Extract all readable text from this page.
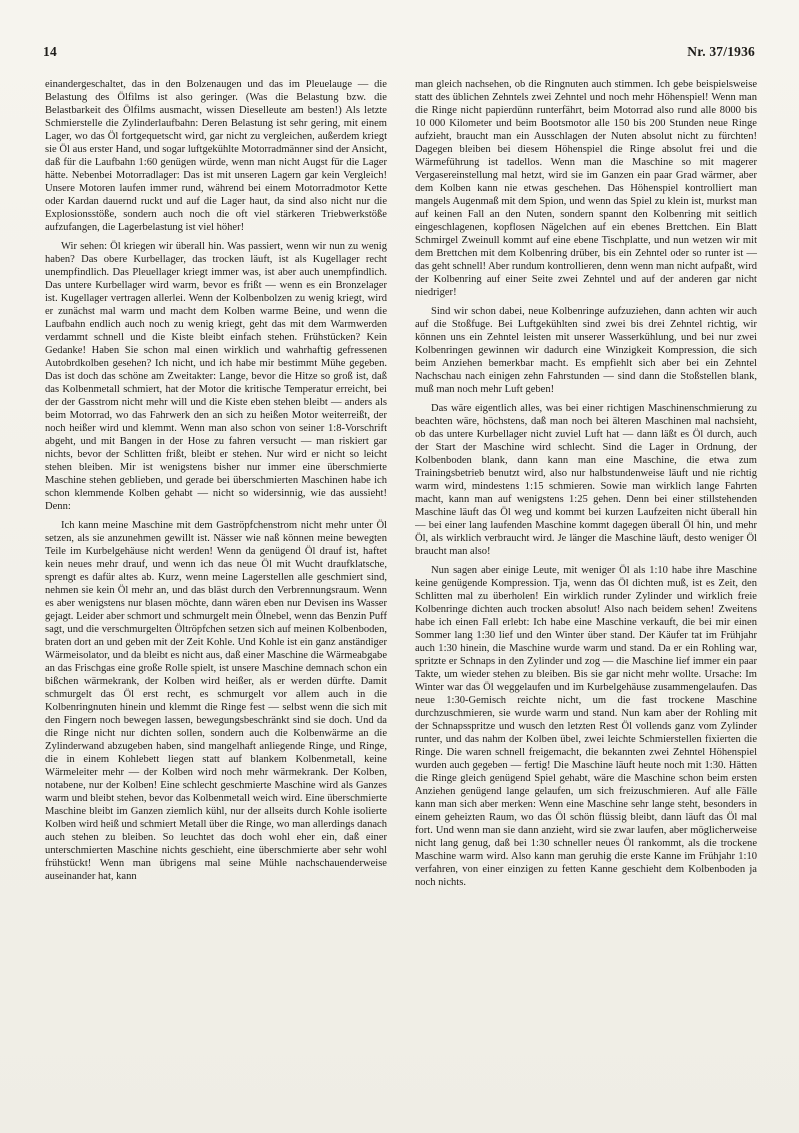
14	Nr. 37/1936

einandergeschaltet, das in den Bolzenaugen und das im Pleuelauge — die Belastung des Ölfilms ist also geringer. (Was die Belastung bzw. die Belastbarkeit des Ölfilms ausmacht, wissen Dieselleute am besten!) Als letzte Schmierstelle die Zylinderlaufbahn: Deren Belastung ist sehr gering, mit einem Lager, wo das Öl fortgequetscht wird, gar nicht zu vergleichen, außerdem kriegt sie Öl aus erster Hand, und sogar luftgekühlte Motorradmänner sind der Ansicht, daß für die Laufbahn 1:60 genügen würde, wenn man nicht Augst für die Lager hätte. Nebenbei Motorradlager: Das ist mit unseren Lagern gar kein Vergleich! Unsere Motoren laufen immer rund, während bei einem Motorradmotor Kette oder Kardan dauernd ruckt und auf die Lager haut, da sind also nicht nur die Explosionsstöße, sondern auch noch die oft viel stärkeren Triebwerkstöße aufzufangen, die Lagerbelastung ist viel höher!

Wir sehen: Öl kriegen wir überall hin. Was passiert, wenn wir nun zu wenig haben? Das obere Kurbellager, das trocken läuft, ist als Kugellager recht unempfindlich. Das Pleuellager kriegt immer was, ist aber auch unempfindlich. Das untere Kurbellager wird warm, bevor es frißt — wenn es ein Bronzelager ist. Kugellager vertragen allerlei. Wenn der Kolbenbolzen zu wenig kriegt, wird er zunächst mal warm und macht dem Kolben warme Beine, und wenn die Laufbahn endlich auch noch zu wenig kriegt, geht das mit dem Warmwerden verdammt schnell und die Kiste bleibt einfach stehen. Frühstücken? Kein Gedanke! Haben Sie schon mal einen wirklich und wahrhaftig gefressenen Autobrdkolben gesehen? Ich nicht, und ich habe mir bestimmt Mühe gegeben. Das ist doch das schöne am Zweitakter: Lange, bevor die Hitze so groß ist, daß das Kolbenmetall schmiert, hat der Motor die kritische Temperatur erreicht, bei der der Gasstrom nicht mehr will und die Kiste eben stehen bleibt — anders als beim Motorrad, wo das Fahrwerk den an sich zu heißen Motor weiterreißt, der noch heißer wird und klemmt. Wenn man also schon von seiner 1:8-Vorschrift abgeht, und mit Bangen in der Hose zu fahren versucht — man riskiert gar nichts, bevor der Schlitten frißt, bleibt er stehen. Nur wird er nicht so leicht stehen bleiben. Mir ist wenigstens bisher nur immer eine überschmierte Maschine stehen geblieben, und gerade bei überschmierten Maschinen habe ich schon klemmende Kolben gehabt — nicht so widersinnig, wie das aussieht! Denn:

Ich kann meine Maschine mit dem Gaströpfchenstrom nicht mehr unter Öl setzen, als sie anzunehmen gewillt ist. Nässer wie naß können meine bewegten Teile im Kurbelgehäuse nicht werden! Wenn da genügend Öl drauf ist, haftet kein neues mehr drauf, und wenn ich das neue Öl mit Wucht draufklatsche, sprengt es dafür altes ab. Kurz, wenn meine Lagerstellen alle geschmiert sind, nehmen sie kein Öl mehr an, und das bläst durch den Verbrennungsraum. Wenn es aber wenigstens nur blasen möchte, dann wären eben nur Devisen ins Wasser gejagt. Leider aber schmort und schmurgelt mein Ölnebel, wenn das Benzin Puff sagt, und die verschmurgelten Öltröpfchen setzen sich auf meinen Kolbenboden, braten dort an und geben mit der Zeit Kohle. Und Kohle ist ein ganz anständiger Wärmeisolator, und da bleibt es nicht aus, daß einer Maschine die Wärmeabgabe an das Frischgas eine große Rolle spielt, ist unsere Maschine demnach schon ein bißchen wärmekrank, der Kolben wird heißer, als er werden dürfte. Damit schmurgelt das Öl erst recht, es schmurgelt vor allem auch in die Kolbenringnuten hinein und klemmt die Ringe fest — selbst wenn die sich mit den Fingern noch bewegen lassen, bewegungsbeschränkt sind sie doch. Und da die Ringe nicht nur dichten sollen, sondern auch die Kolbenwärme an die Zylinderwand abzugeben haben, sind mangelhaft anliegende Ringe, und Ringe, die in einem Kohlebett liegen statt auf blankem Kolbenmetall, keine Wärmeleiter mehr — der Kolben wird noch mehr wärmekrank. Der Kolben, notabene, nur der Kolben! Eine schlecht geschmierte Maschine wird als Ganzes warm und bleibt stehen, bevor das Kolbenmetall weich wird. Eine überschmierte Maschine bleibt im Ganzen ziemlich kühl, nur der allseits durch Kohle isolierte Kolben wird heiß und schmiert Metall über die Ringe, wo man allerdings danach auch stehen zu bleiben. So leuchtet das doch wohl eher ein, daß einer unterschmierten Maschine nichts geschieht, eine überschmierte aber sehr wohl frühstückt! Wenn man übrigens mal seine Mühle nachschauenderweise auseinander hat, kann

man gleich nachsehen, ob die Ringnuten auch stimmen. Ich gebe beispielsweise statt des üblichen Zehntels zwei Zehntel und noch mehr Höhenspiel! Wenn man die Ringe nicht papierdünn runterfährt, beim Motorrad also rund alle 8000 bis 10 000 Kilometer und beim Bootsmotor alle 150 bis 200 Stunden neue Ringe aufzieht, braucht man ein Ausschlagen der Nuten absolut nicht zu fürchten! Dagegen bleiben bei diesem Höhenspiel die Ringe absolut frei und die Wärmeführung ist tadellos. Wenn man die Maschine so mit magerer Vergasereinstellung mal hetzt, wird sie im Ganzen ein paar Grad wärmer, aber dem Kolben kann nie etwas geschehen. Das Höhenspiel kontrolliert man mangels Augenmaß mit dem Spion, und wenn das Spiel zu klein ist, murkst man auf keinen Fall an den Nuten, sondern spannt den Kolbenring mit seitlich eingeschlagenen, kopflosen Nägelchen auf ein ebenes Brettchen. Ein Blatt Schmirgel Zweinull kommt auf eine ebene Tischplatte, und nun wetzen wir mit dem Brettchen mit dem Kolbenring drüber, bis ein Zehntel oder so runter ist — das geht schnell! Aber rundum kontrollieren, denn wenn man nicht aufpaßt, wird der Kolbenring auf einer Seite zwei Zehntel und auf der anderen gar nicht niedriger!

Sind wir schon dabei, neue Kolbenringe aufzuziehen, dann achten wir auch auf die Stoßfuge. Bei Luftgekühlten sind zwei bis drei Zehntel richtig, wir können uns ein Zehntel leisten mit unserer Wasserkühlung, und bei nur zwei Kolbenringen gewinnen wir dadurch eine Winzigkeit Kompression, die sich beim Anziehen bemerkbar macht. Es empfiehlt sich aber bei ein Zehntel Nachschau nach einigen zehn Fahrstunden — sind dann die Stoßstellen blank, muß man noch mehr Luft geben!

Das wäre eigentlich alles, was bei einer richtigen Maschinenschmierung zu beachten wäre, höchstens, daß man noch bei älteren Maschinen mal nachsieht, ob das untere Kurbellager nicht zuviel Luft hat — dann läßt es Öl durch, auch der Start der Maschine wird schlecht. Sind die Lager in Ordnung, der Kolbenboden blank, dann kann man eine Maschine, die etwa zum Trainingsbetrieb benutzt wird, also nur halbstundenweise läuft und nie richtig warm wird, mindestens 1:15 schmieren. Sowie man wirklich lange Fahrten macht, kann man auf wenigstens 1:25 gehen. Denn bei einer stillstehenden Maschine läuft das Öl weg und kommt bei kurzen Laufzeiten nicht überall hin — bei einer lang laufenden Maschine kommt dagegen überall Öl hin, und mehr Öl, als wirklich verbraucht wird. Je länger die Maschine läuft, desto weniger Öl braucht man also!

Nun sagen aber einige Leute, mit weniger Öl als 1:10 habe ihre Maschine keine genügende Kompression. Tja, wenn das Öl dichten muß, ist es Zeit, den Schlitten mal zu überholen! Ein wirklich runder Zylinder und wirklich freie Kolbenringe dichten auch trocken absolut! Also nach beidem sehen! Zweitens habe ich einen Fall erlebt: Ich habe eine Maschine verkauft, die bei mir einen Sommer lang 1:30 lief und den Winter über stand. Der Käufer tat im Frühjahr auch 1:30 hinein, die Maschine wurde warm und stand. Da er ein Rohling war, spritzte er Schnaps in den Zylinder und zog — die Maschine lief immer ein paar Takte, um wieder stehen zu bleiben. Bis sie gar nicht mehr wollte. Ursache: Im Winter war das Öl weggelaufen und im Kurbelgehäuse zusammengelaufen. Das neue 1:30-Gemisch reichte nicht, um die fast trockene Maschine durchzuschmieren, sie wurde warm und stand. Nun kam aber der Rohling mit der Schnapsspritze und wusch den letzten Rest Öl vollends ganz vom Zylinder runter, und das nahm der Kolben übel, zwei leichte Schmierstellen fixierten die Ringe. Die waren schnell freigemacht, die bekannten zwei Zehntel Höhenspiel wurden auch gegeben — fertig! Die Maschine läuft heute noch mit 1:30. Hätten die Ringe gleich genügend Spiel gehabt, wäre die Maschine schon beim ersten Anziehen genügend lange gelaufen, um sich freizuschmieren. Auf alle Fälle kann man sich aber merken: Wenn eine Maschine sehr lange steht, besonders in einem geheizten Raum, wo das Öl schön flüssig bleibt, dann läuft das Öl mal fort. Und wenn man sie dann anzieht, wird sie zwar laufen, aber möglicherweise nicht lang genug, daß bei 1:30 schneller neues Öl rankommt, als die trockene Maschine warm wird. Also kann man geruhig die erste Kanne im Frühjahr 1:10 verfahren, von einer einzigen zu fetten Kanne geschieht dem Kolbenboden ja noch nichts.
